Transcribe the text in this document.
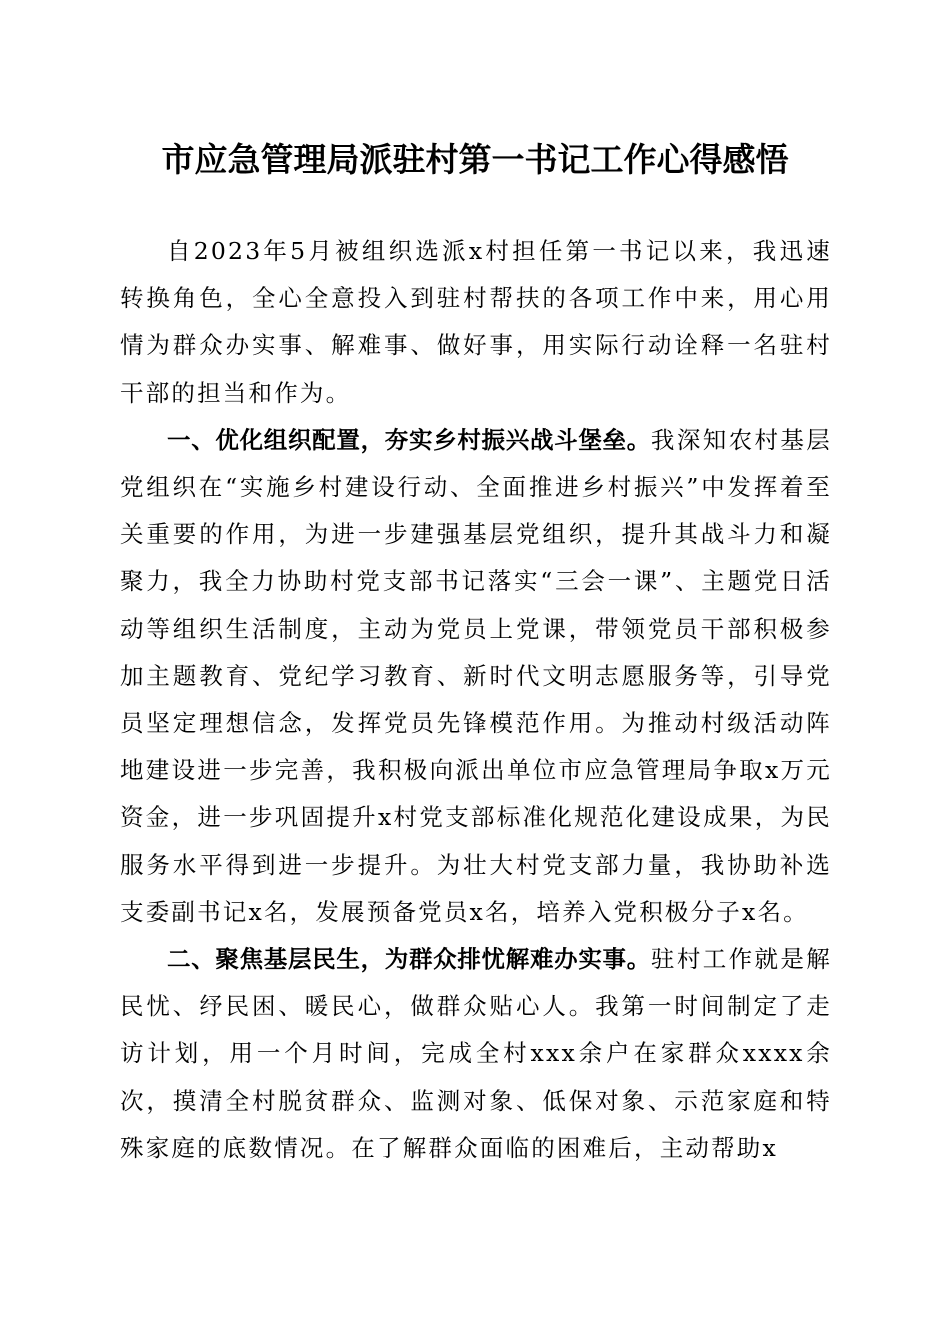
市应急管理局派驻村第一书记工作心得感悟

自2023年5月被组织选派x村担任第一书记以来，我迅速转换角色，全心全意投入到驻村帮扶的各项工作中来，用心用情为群众办实事、解难事、做好事，用实际行动诠释一名驻村干部的担当和作为。

一、优化组织配置，夯实乡村振兴战斗堡垒。我深知农村基层党组织在“实施乡村建设行动、全面推进乡村振兴”中发挥着至关重要的作用，为进一步建强基层党组织，提升其战斗力和凝聚力，我全力协助村党支部书记落实“三会一课”、主题党日活动等组织生活制度，主动为党员上党课，带领党员干部积极参加主题教育、党纪学习教育、新时代文明志愿服务等，引导党员坚定理想信念，发挥党员先锋模范作用。为推动村级活动阵地建设进一步完善，我积极向派出单位市应急管理局争取x万元资金，进一步巩固提升x村党支部标准化规范化建设成果，为民服务水平得到进一步提升。为壮大村党支部力量，我协助补选支委副书记x名，发展预备党员x名，培养入党积极分子x名。

二、聚焦基层民生，为群众排忧解难办实事。驻村工作就是解民忧、纾民困、暖民心，做群众贴心人。我第一时间制定了走访计划，用一个月时间，完成全村xxx余户在家群众xxxx余次，摸清全村脱贫群众、监测对象、低保对象、示范家庭和特殊家庭的底数情况。在了解群众面临的困难后，主动帮助x
